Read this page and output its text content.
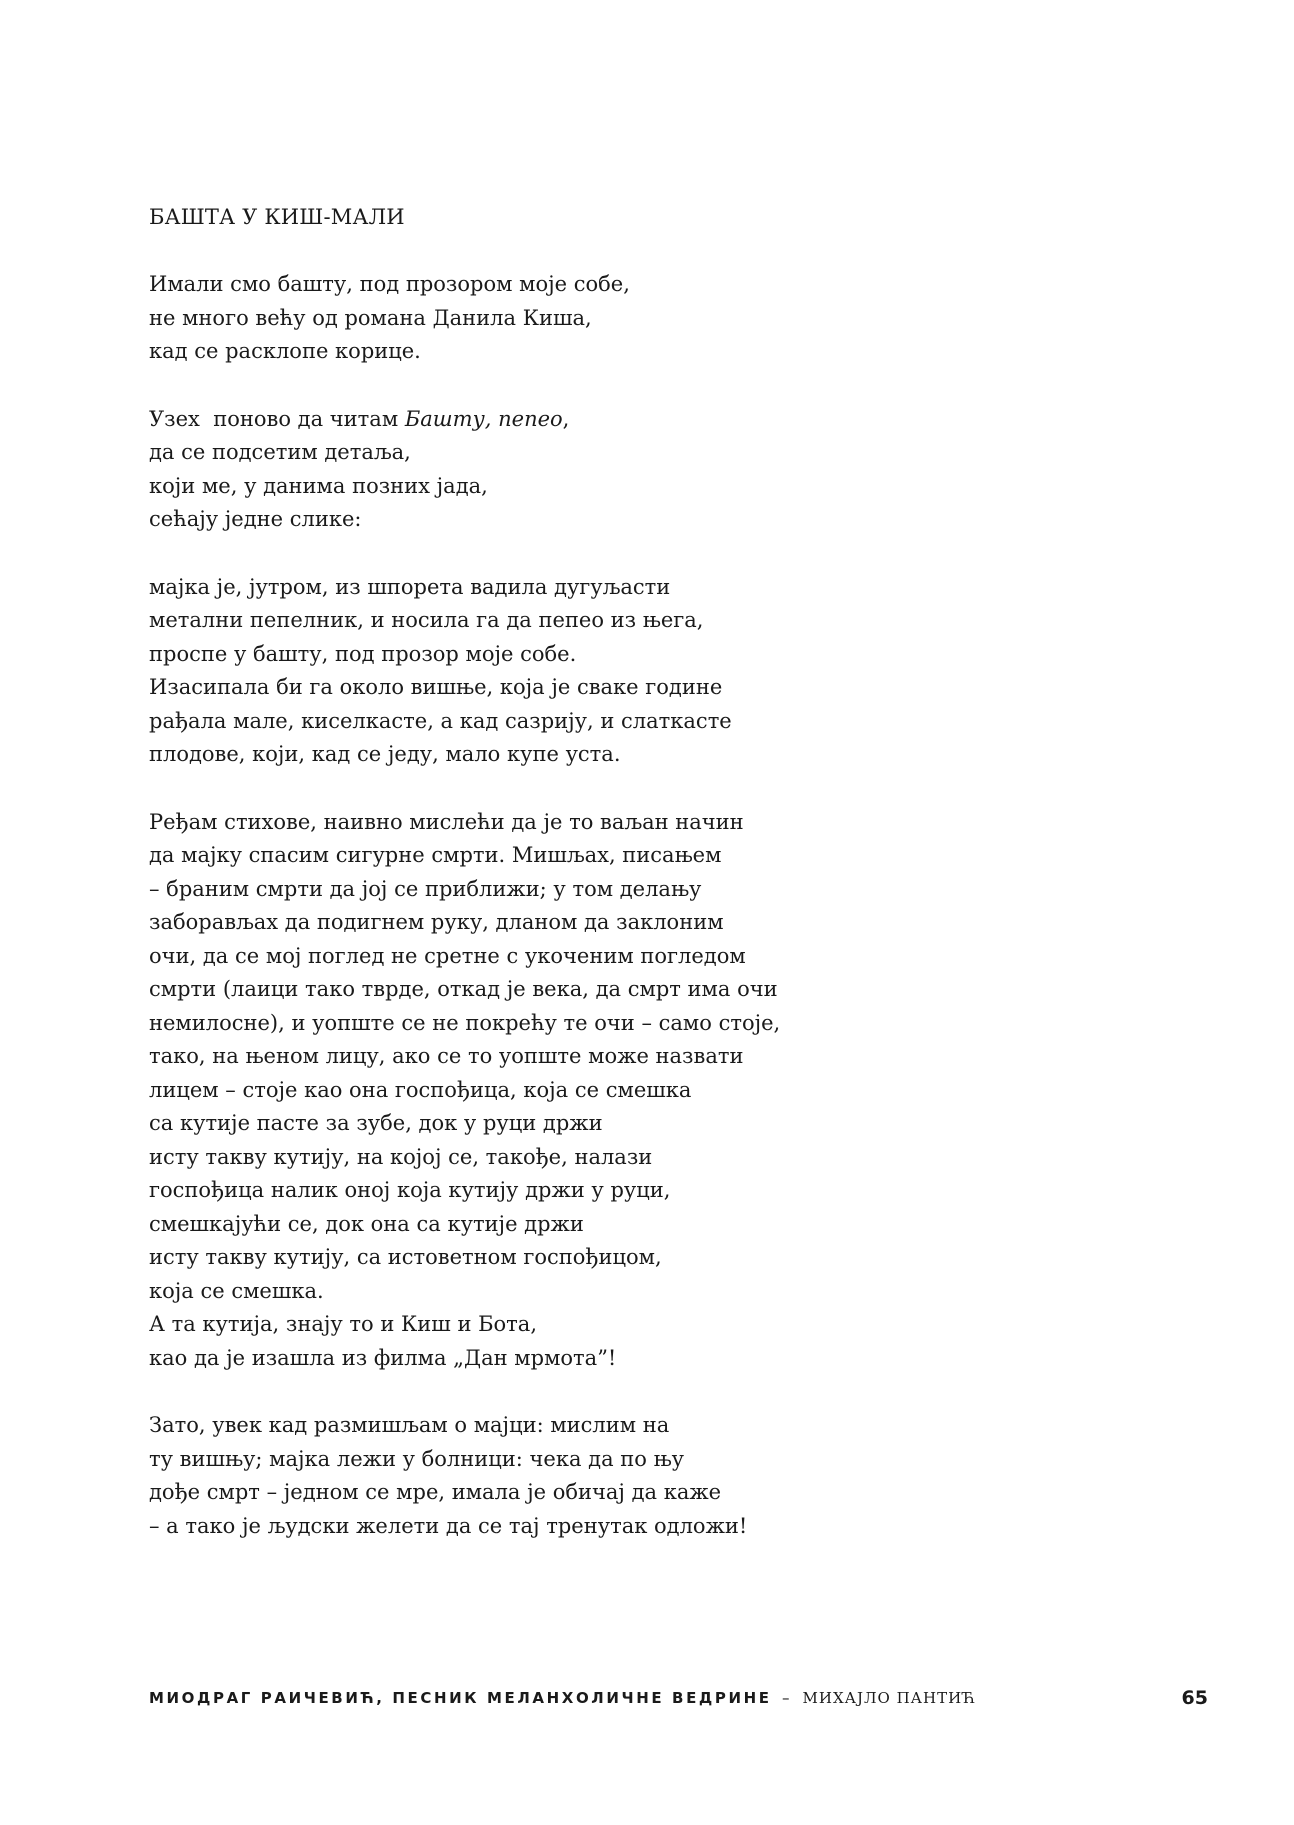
БАШТА У КИШ-МАЛИ
Имали смо башту, под прозором моје собе,
не много већу од романа Данила Киша,
кад се расклопе корице.
Узех  поново да читам Башту, пепео,
да се подсетим детаља,
који ме, у данима позних јада,
сећају једне слике:
мајка је, јутром, из шпорета вадила дугуљасти
метални пепелник, и носила га да пепео из њега,
проспе у башту, под прозор моје собе.
Изасипала би га около вишње, која је сваке године
рађала мале, киселкасте, а кад сазрију, и слаткасте
плодове, који, кад се једу, мало купе уста.
Ређам стихове, наивно мислећи да је то ваљан начин
да мајку спасим сигурне смрти. Мишљах, писањем
– браним смрти да јој се приближи; у том делању
заборављах да подигнем руку, дланом да заклоним
очи, да се мој поглед не сретне с укоченим погледом
смрти (лаици тако тврде, откад је века, да смрт има очи
немилосне), и уопште се не покрећу те очи – само стоје,
тако, на њеном лицу, ако се то уопште може назвати
лицем – стоје као она госпођица, која се смешка
са кутије пасте за зубе, док у руци држи
исту такву кутију, на којој се, такође, налази
госпођица налик оној која кутију држи у руци,
смешкајући се, док она са кутије држи
исту такву кутију, са истоветном госпођицом,
која се смешка.
А та кутија, знају то и Киш и Бота,
као да је изашла из филма „Дан мрмота”!
Зато, увек кад размишљам о мајци: мислим на
ту вишњу; мајка лежи у болници: чека да по њу
дође смрт – једном се мре, имала је обичај да каже
– а тако је људски желети да се тај тренутак одложи!
МИОДРАГ РАИЧЕВИЋ, ПЕСНИК МЕЛАНХОЛИЧНЕ ВЕДРИНЕ – МИХАЈЛО ПАНТИЋ	65
